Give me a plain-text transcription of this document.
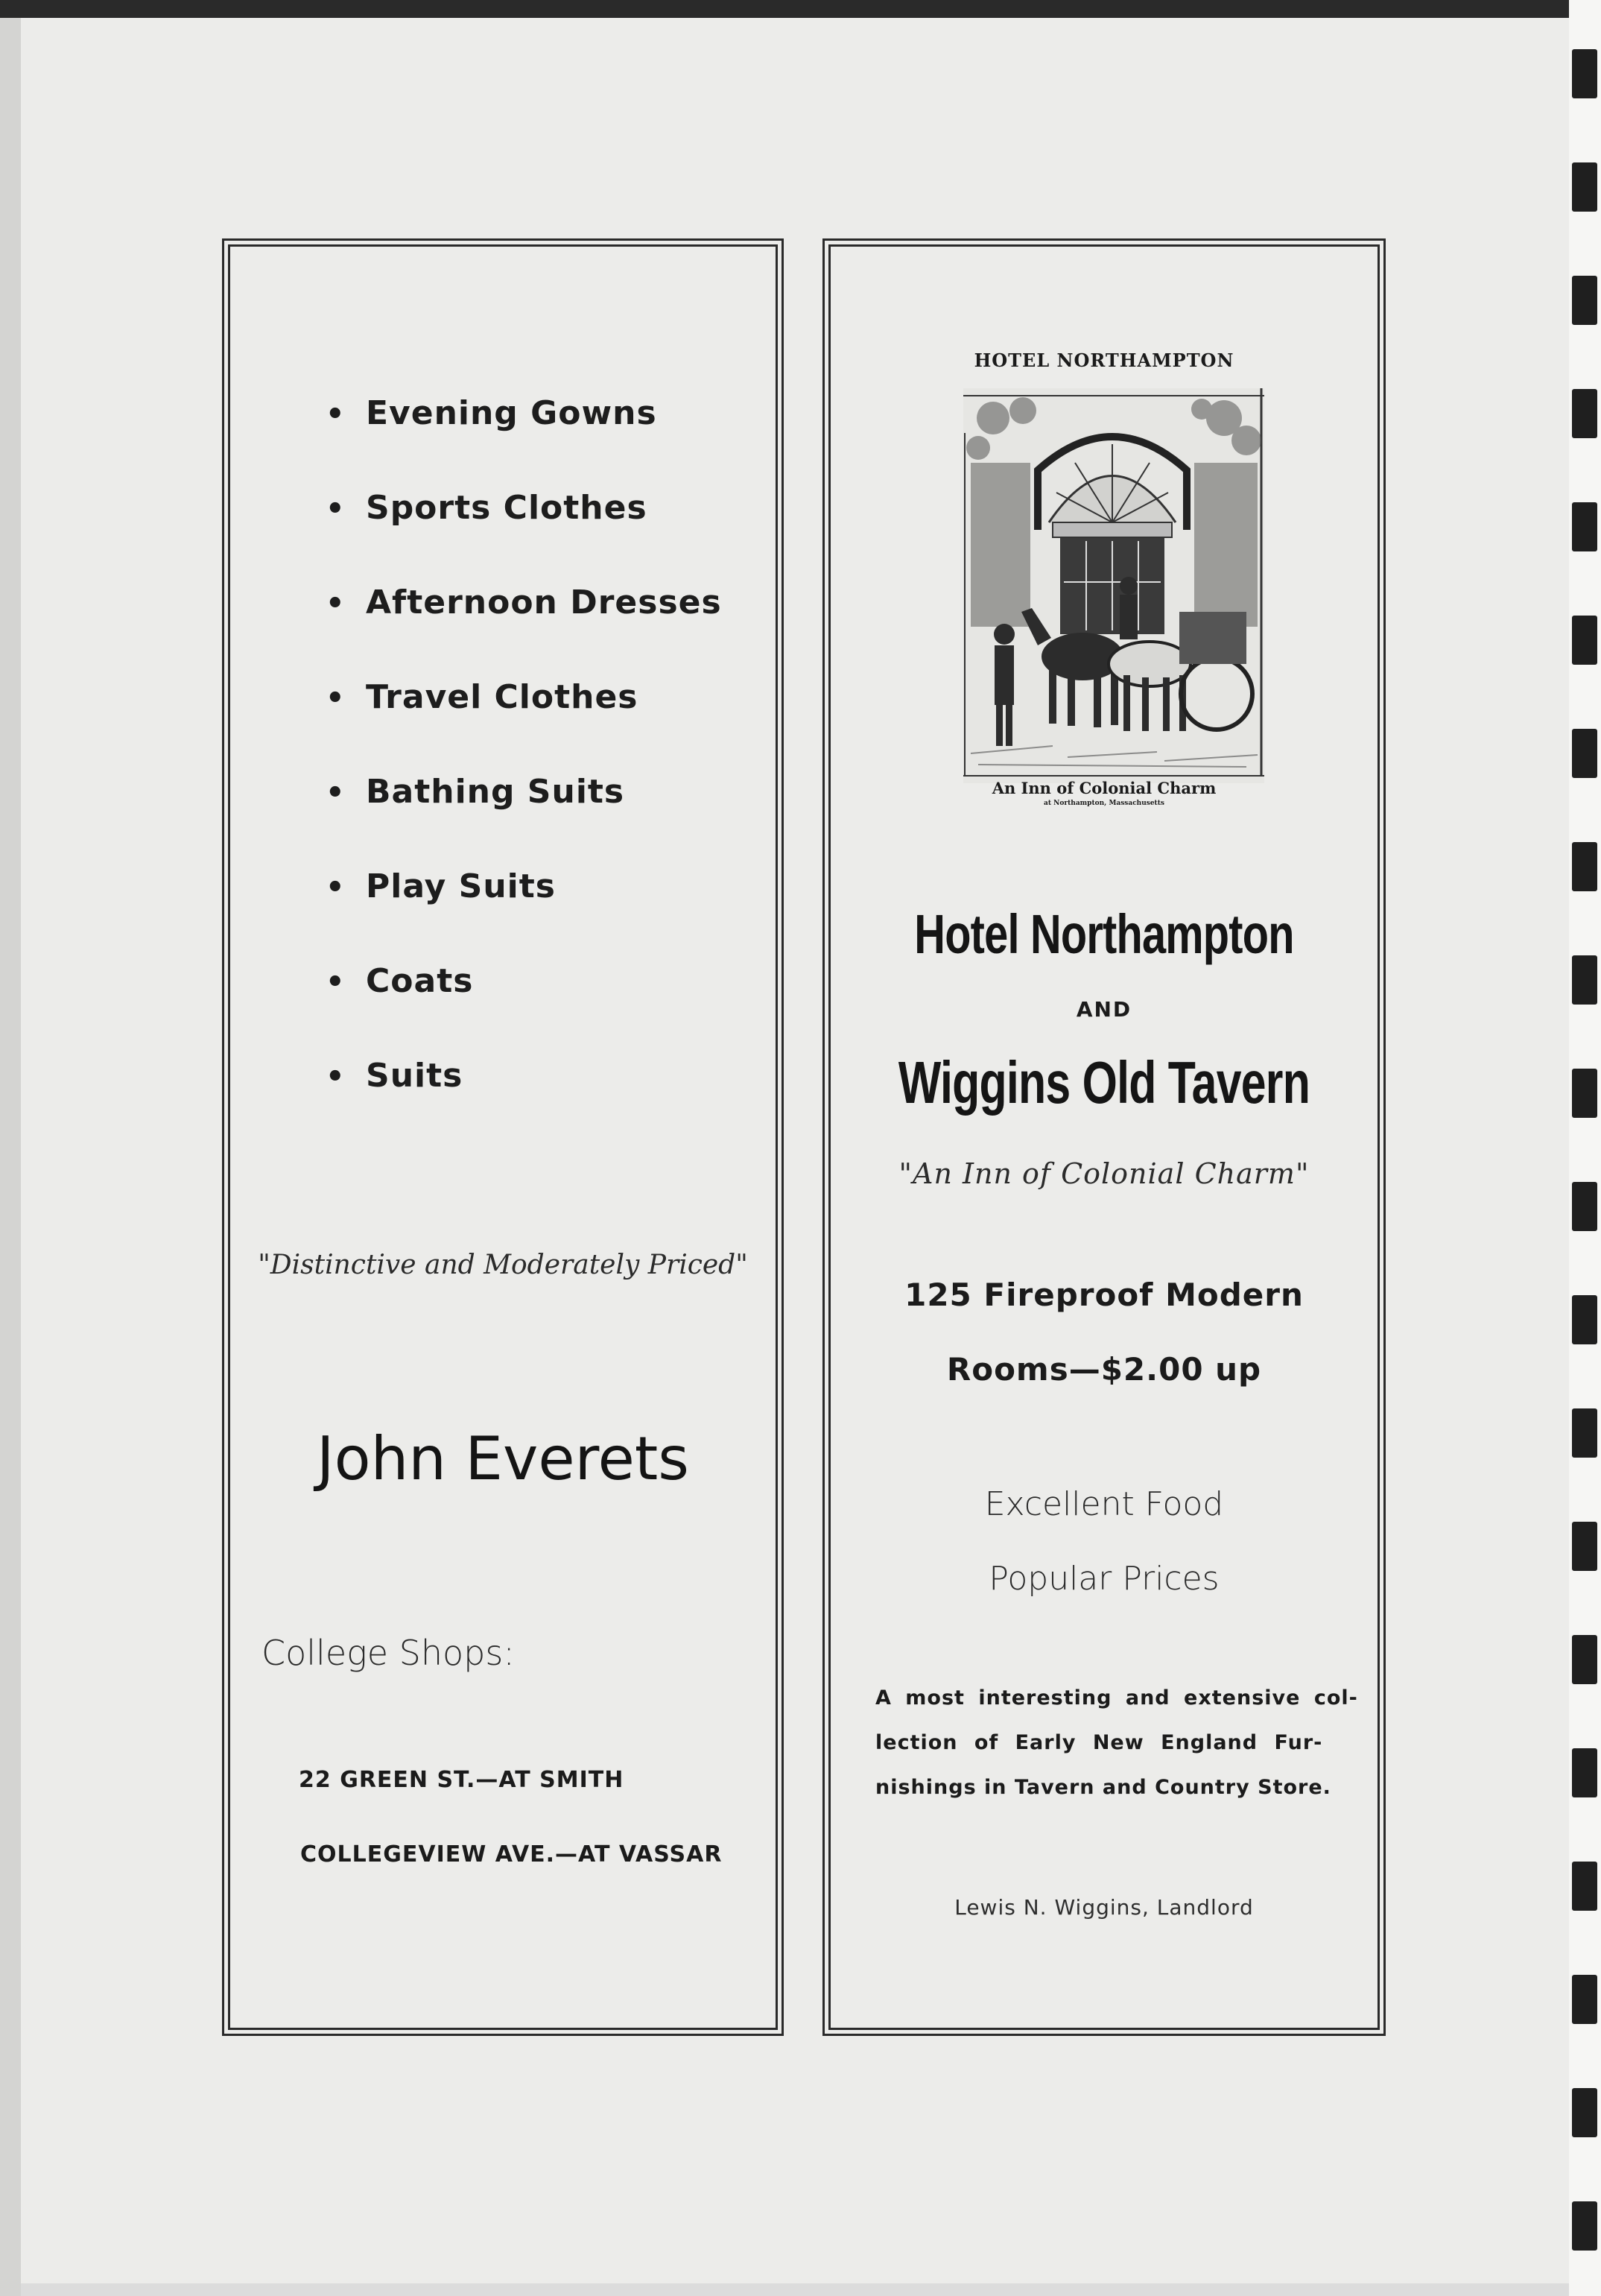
• Evening Gowns
• Sports Clothes
• Afternoon Dresses
• Travel Clothes
• Bathing Suits
• Play Suits
• Coats
• Suits
"Distinctive and Moderately Priced"
John Everets
College Shops:
22 GREEN ST.—AT SMITH
COLLEGEVIEW AVE.—AT VASSAR
HOTEL NORTHAMPTON
An Inn of Colonial Charm
at Northampton, Massachusetts
Hotel Northampton
AND
Wiggins Old Tavern
"An Inn of Colonial Charm"
125 Fireproof Modern
Rooms—$2.00 up
Excellent Food
Popular Prices
A most interesting and extensive col-
lection of Early New England Fur-
nishings in Tavern and Country Store.
Lewis N. Wiggins, Landlord
